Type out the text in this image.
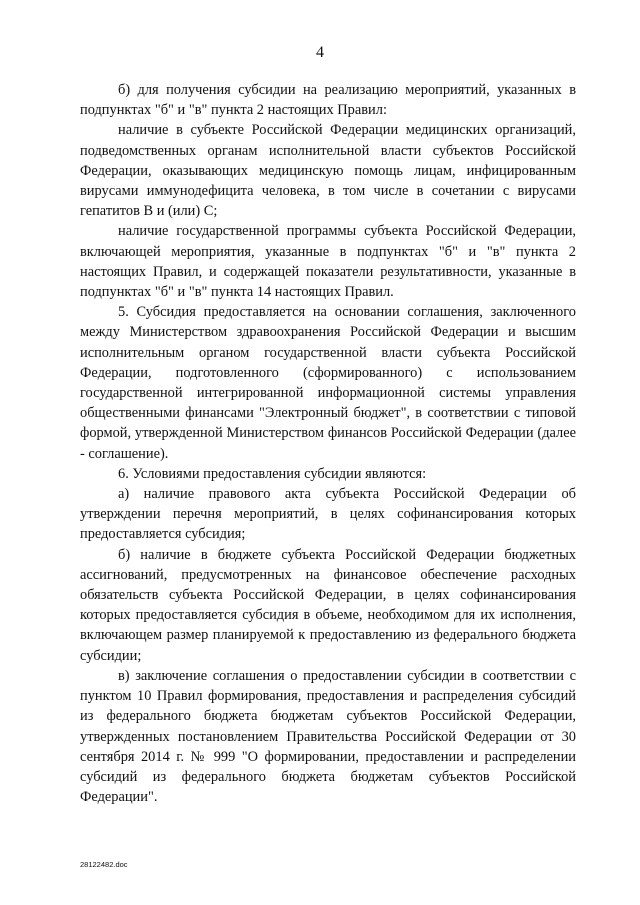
4

б) для получения субсидии на реализацию мероприятий, указанных в подпунктах "б" и "в" пункта 2 настоящих Правил:

наличие в субъекте Российской Федерации медицинских организаций, подведомственных органам исполнительной власти субъектов Российской Федерации, оказывающих медицинскую помощь лицам, инфицированным вирусами иммунодефицита человека, в том числе в сочетании с вирусами гепатитов B и (или) C;

наличие государственной программы субъекта Российской Федерации, включающей мероприятия, указанные в подпунктах "б" и "в" пункта 2 настоящих Правил, и содержащей показатели результативности, указанные в подпунктах "б" и "в" пункта 14 настоящих Правил.

5. Субсидия предоставляется на основании соглашения, заключенного между Министерством здравоохранения Российской Федерации и высшим исполнительным органом государственной власти субъекта Российской Федерации, подготовленного (сформированного) с использованием государственной интегрированной информационной системы управления общественными финансами "Электронный бюджет", в соответствии с типовой формой, утвержденной Министерством финансов Российской Федерации (далее - соглашение).

6. Условиями предоставления субсидии являются:

а) наличие правового акта субъекта Российской Федерации об утверждении перечня мероприятий, в целях софинансирования которых предоставляется субсидия;

б) наличие в бюджете субъекта Российской Федерации бюджетных ассигнований, предусмотренных на финансовое обеспечение расходных обязательств субъекта Российской Федерации, в целях софинансирования которых предоставляется субсидия в объеме, необходимом для их исполнения, включающем размер планируемой к предоставлению из федерального бюджета субсидии;

в) заключение соглашения о предоставлении субсидии в соответствии с пунктом 10 Правил формирования, предоставления и распределения субсидий из федерального бюджета бюджетам субъектов Российской Федерации, утвержденных постановлением Правительства Российской Федерации от 30 сентября 2014 г. № 999 "О формировании, предоставлении и распределении субсидий из федерального бюджета бюджетам субъектов Российской Федерации".

28122482.doc
